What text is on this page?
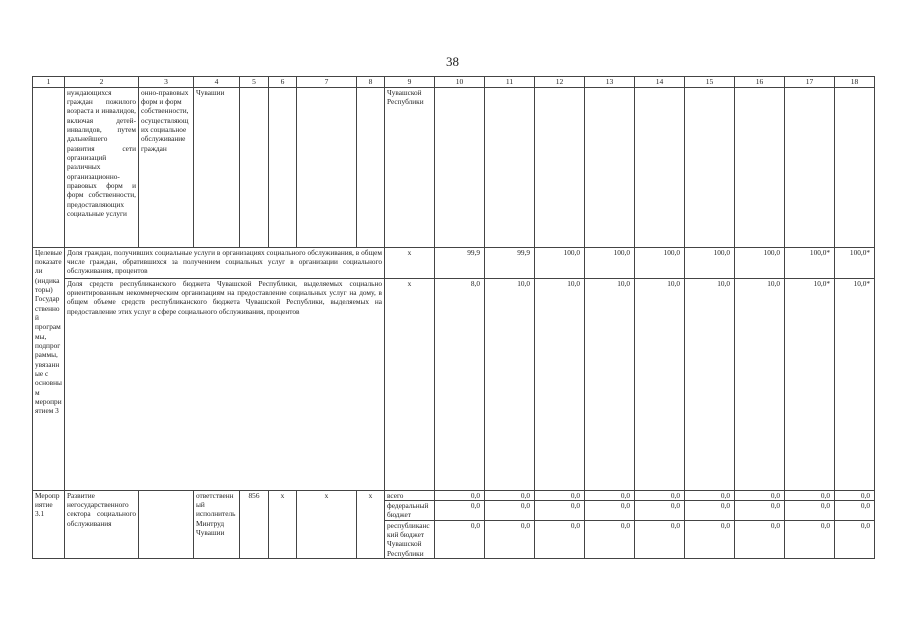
38
1	2	3	4	5	6	7	8	9	10	11	12	13	14	15	16	17	18
	нуждающихся граждан пожилого возраста и инвалидов, включая детей-инвалидов, путем дальнейшего развития сети организаций различных организационно-правовых форм и форм собственности, предоставляющих социальные услуги	онно-правовых форм и форм собственности, осуществляющих социальное обслуживание граждан	Чувашии					Чувашской Республики									
Целевые показатели (индикаторы) Государственной программы, подпрограммы, увязанные с основным мероприятием 3	Доля граждан, получивших социальные услуги в организациях социального обслуживания, в общем числе граждан, обратившихся за получением социальных услуг в организации социального обслуживания, процентов							х	99,9	99,9	100,0	100,0	100,0	100,0	100,0	100,0*	100,0*
	Доля средств республиканского бюджета Чувашской Республики, выделяемых социально ориентированным некоммерческим организациям на предоставление социальных услуг на дому, в общем объеме средств республиканского бюджета Чувашской Республики, выделяемых на предоставление этих услуг в сфере социального обслуживания, процентов							х	8,0	10,0	10,0	10,0	10,0	10,0	10,0	10,0*	10,0*
Мероприятие 3.1	Развитие негосударственного сектора социального обслуживания		ответственный исполнитель Минтруд Чувашии	856	х	х	х	всего	0,0	0,0	0,0	0,0	0,0	0,0	0,0	0,0	0,0
								федеральный бюджет	0,0	0,0	0,0	0,0	0,0	0,0	0,0	0,0	0,0
								республиканский бюджет Чувашской Республики	0,0	0,0	0,0	0,0	0,0	0,0	0,0	0,0	0,0
